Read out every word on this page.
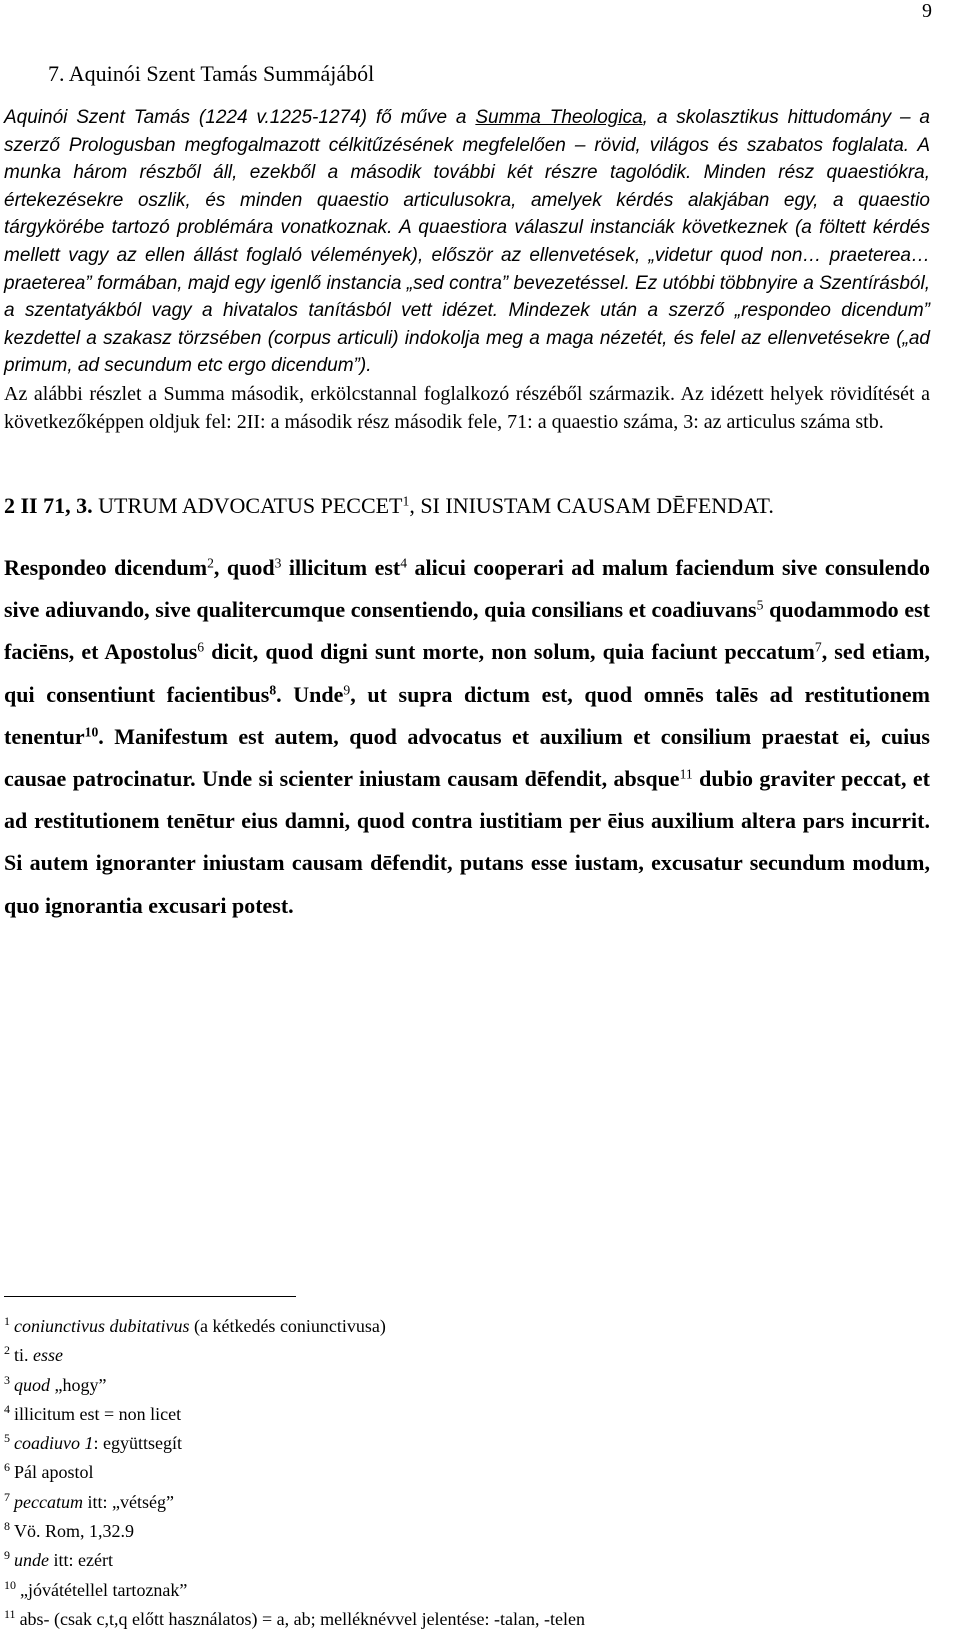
9
7. Aquinói Szent Tamás Summájából

Aquinói Szent Tamás (1224 v.1225-1274) fő műve a Summa Theologica, a skolasztikus hittudomány – a szerző Prologusban megfogalmazott célkitűzésének megfelelően – rövid, világos és szabatos foglalata. A munka három részből áll, ezekből a második további két részre tagolódik. Minden rész quaestiókra, értekezésekre oszlik, és minden quaestio articulusokra, amelyek kérdés alakjában egy, a quaestio tárgykörébe tartozó problémára vonatkoznak. A quaestiora válaszul instanciák következnek (a föltett kérdés mellett vagy az ellen állást foglaló vélemények), először az ellenvetések, „videtur quod non… praeterea… praeterea” formában, majd egy igenlő instancia „sed contra” bevezetéssel. Ez utóbbi többnyire a Szentírásból, a szentatyákból vagy a hivatalos tanításból vett idézet. Mindezek után a szerző „respondeo dicendum” kezdettel a szakasz törzsében (corpus articuli) indokolja meg a maga nézetét, és felel az ellenvetésekre („ad primum, ad secundum etc ergo dicendum”).

Az alábbi részlet a Summa második, erkölcstannal foglalkozó részéből származik. Az idézett helyek rövidítését a következőképpen oldjuk fel: 2II: a második rész második fele, 71: a quaestio száma, 3: az articulus száma stb.

2 II 71, 3. UTRUM ADVOCATUS PECCET$^1$, SI INIUSTAM CAUSAM DĒFENDAT.

Respondeo dicendum$^2$, quod$^3$ illicitum est$^4$ alicui cooperari ad malum faciendum sive consulendo sive adiuvando, sive qualitercumque consentiendo, quia consilians et coadiuvans$^5$ quodammodo est faciēns, et Apostolus$^6$ dicit, quod digni sunt morte, non solum, quia faciunt peccatum$^7$, sed etiam, qui consentiunt facientibus$^8$. Unde$^9$, ut supra dictum est, quod omnēs talēs ad restitutionem tenentur$^{10}$. Manifestum est autem, quod advocatus et auxilium et consilium praestat ei, cuius causae patrocinatur. Unde si scienter iniustam causam dēfendit, absque$^{11}$ dubio graviter peccat, et ad restitutionem tenētur eius damni, quod contra iustitiam per ēius auxilium altera pars incurrit. Si autem ignoranter iniustam causam dēfendit, putans esse iustam, excusatur secundum modum, quo ignorantia excusari potest.

$^1$ coniunctivus dubitativus (a kétkedés coniunctivusa)

$^2$ ti. esse

$^3$ quod „hogy”

$^4$ illicitum est = non licet

$^5$ coadiuvo 1: együttsegít

$^6$ Pál apostol

$^7$ peccatum itt: „vétség”

$^8$ Vö. Rom, 1,32.9

$^9$ unde itt: ezért

$^{10}$ „jóvátétellel tartoznak”

$^{11}$ abs- (csak c,t,q előtt használatos) = a, ab; melléknévvel jelentése: -talan, -telen
